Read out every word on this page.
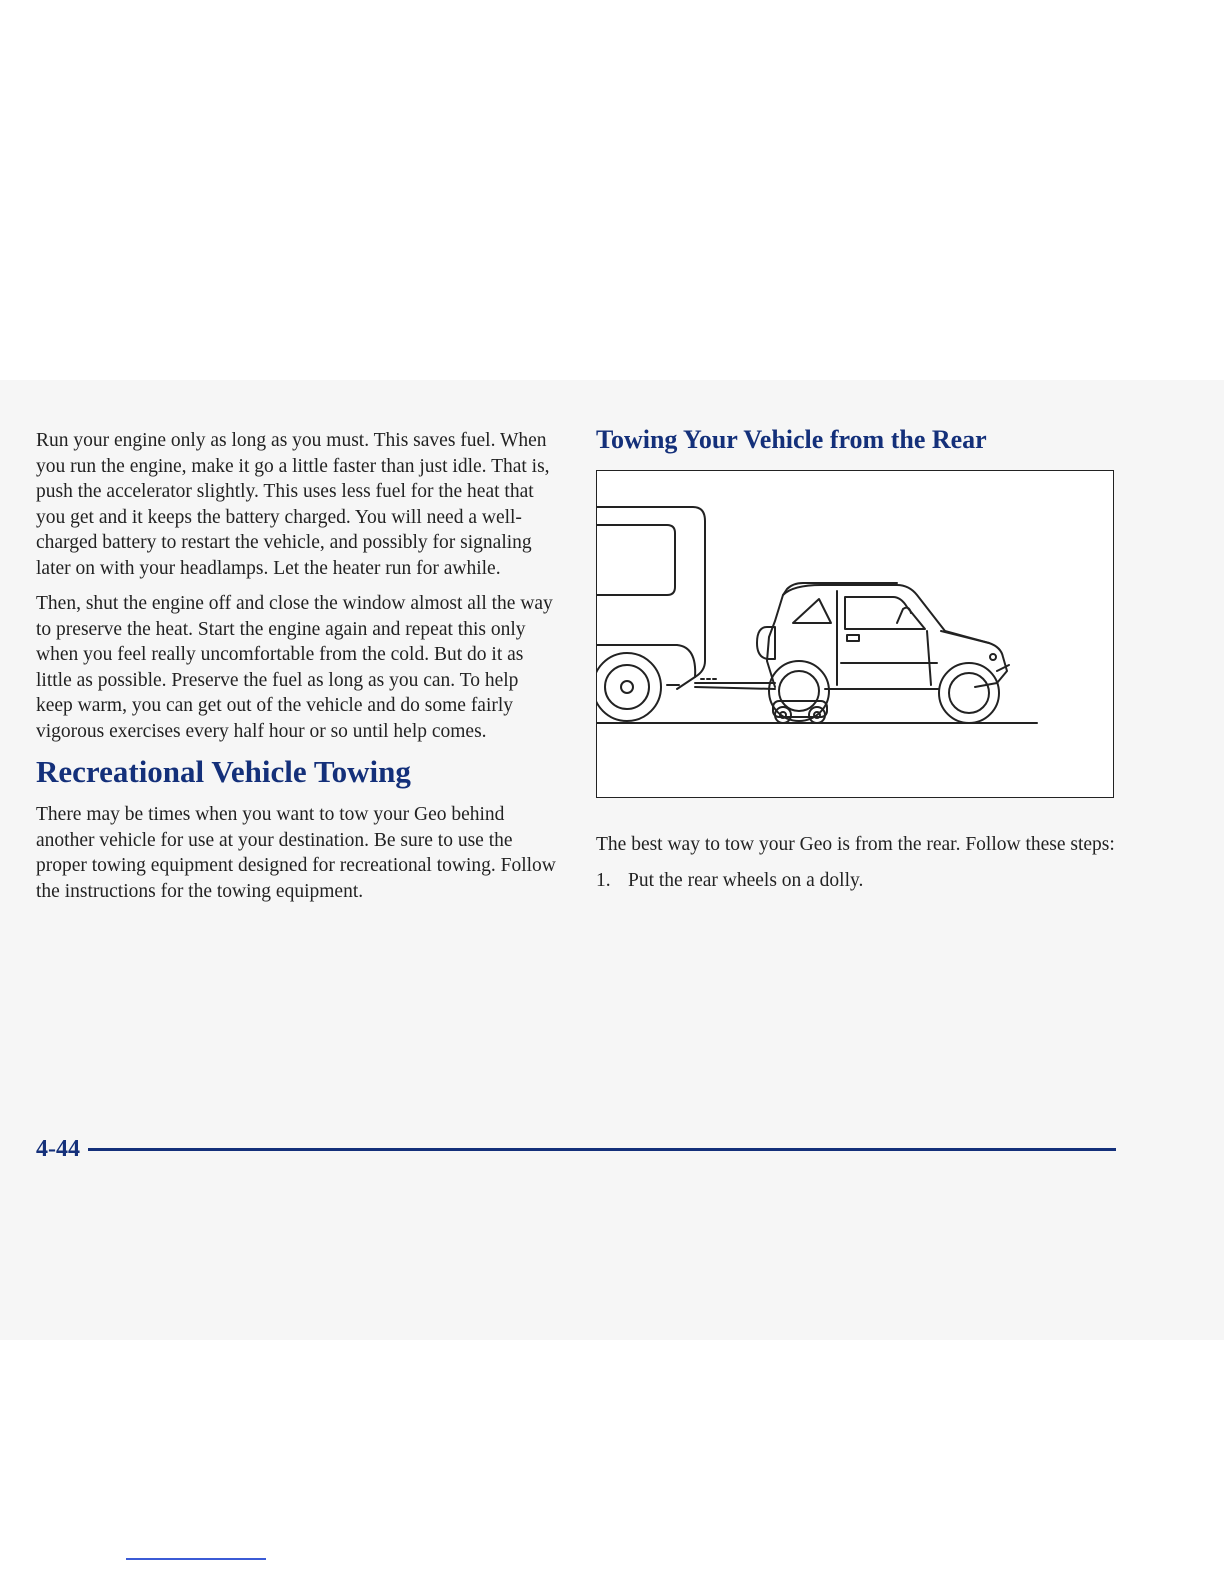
Run your engine only as long as you must. This saves fuel. When you run the engine, make it go a little faster than just idle. That is, push the accelerator slightly. This uses less fuel for the heat that you get and it keeps the battery charged. You will need a well-charged battery to restart the vehicle, and possibly for signaling later on with your headlamps. Let the heater run for awhile.

Then, shut the engine off and close the window almost all the way to preserve the heat. Start the engine again and repeat this only when you feel really uncomfortable from the cold. But do it as little as possible. Preserve the fuel as long as you can. To help keep warm, you can get out of the vehicle and do some fairly vigorous exercises every half hour or so until help comes.

Recreational Vehicle Towing

There may be times when you want to tow your Geo behind another vehicle for use at your destination. Be sure to use the proper towing equipment designed for recreational towing. Follow the instructions for the towing equipment.

Towing Your Vehicle from the Rear

The best way to tow your Geo is from the rear. Follow these steps:

1. Put the rear wheels on a dolly.
4-44
